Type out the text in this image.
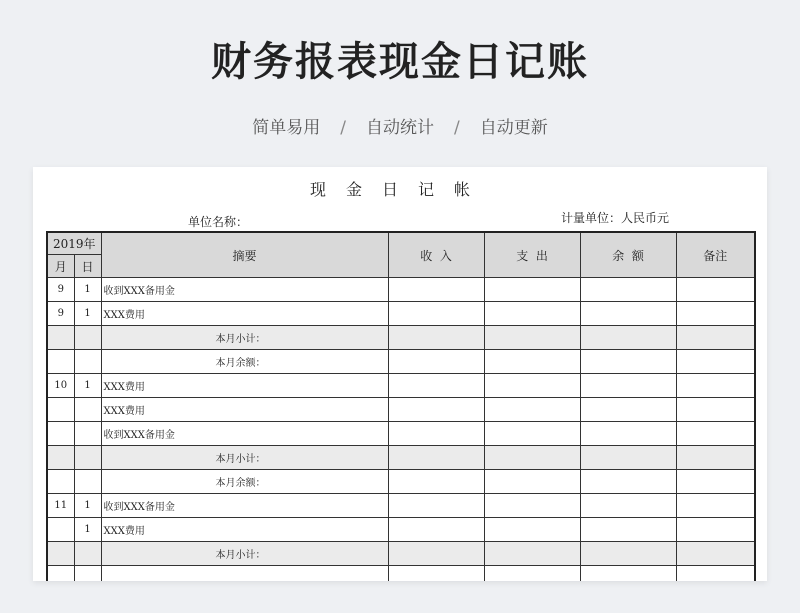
财务报表现金日记账
简单易用 / 自动统计 / 自动更新
现金日记帐
单位名称：	计量单位：人民币元
2019年		摘要	收  入	支  出	余  额	备注
月	日					
9	1	收到XXX备用金				
9	1	XXX费用				
		本月小计：				
		本月余额：				
10	1	XXX费用				
		XXX费用				
		收到XXX备用金				
		本月小计：				
		本月余额：				
11	1	收到XXX备用金				
	1	XXX费用				
		本月小计：				
